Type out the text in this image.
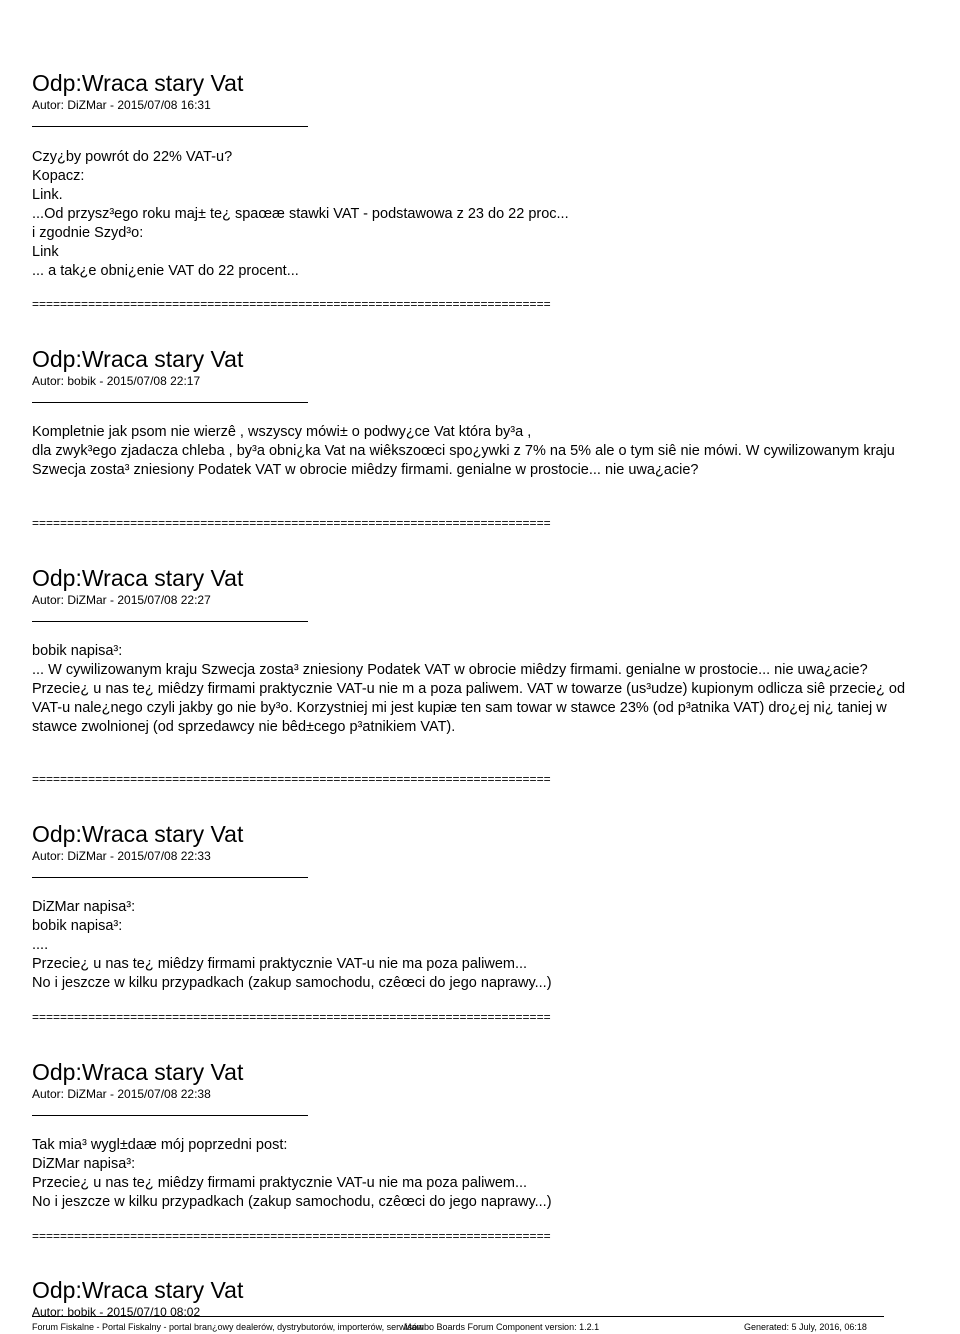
Odp:Wraca stary Vat
Autor: DiZMar - 2015/07/08 16:31
Czy¿by powrót do 22% VAT-u?
Kopacz:
Link.
...Od przysz³ego roku maj± te¿ spaœæ stawki VAT - podstawowa z 23 do 22 proc...
i zgodnie Szyd³o:
Link
... a tak¿e obni¿enie VAT do 22 procent...
==========================================================================
Odp:Wraca stary Vat
Autor: bobik - 2015/07/08 22:17
Kompletnie jak psom nie wierzê , wszyscy mówi± o podwy¿ce Vat która by³a ,
dla zwyk³ego zjadacza chleba , by³a obni¿ka Vat na wiêkszoœci spo¿ywki z 7% na 5% ale o tym siê nie mówi. W cywilizowanym kraju Szwecja zosta³ zniesiony Podatek VAT w obrocie miêdzy firmami. genialne w prostocie... nie uwa¿acie?
==========================================================================
Odp:Wraca stary Vat
Autor: DiZMar - 2015/07/08 22:27
bobik napisa³:
... W cywilizowanym kraju Szwecja zosta³ zniesiony Podatek VAT w obrocie miêdzy firmami. genialne w prostocie... nie uwa¿acie?
Przecie¿ u nas te¿ miêdzy firmami praktycznie VAT-u nie m a poza paliwem. VAT w towarze (us³udze) kupionym odlicza siê przecie¿ od VAT-u nale¿nego czyli jakby go nie by³o. Korzystniej mi jest kupiæ ten sam towar w stawce 23% (od p³atnika VAT) dro¿ej ni¿ taniej w stawce zwolnionej (od sprzedawcy nie bêd±cego p³atnikiem VAT).
==========================================================================
Odp:Wraca stary Vat
Autor: DiZMar - 2015/07/08 22:33
DiZMar napisa³:
bobik napisa³:
....
Przecie¿ u nas te¿ miêdzy firmami praktycznie VAT-u nie ma poza paliwem...
No i jeszcze w kilku przypadkach (zakup samochodu, czêœci do jego naprawy...)
==========================================================================
Odp:Wraca stary Vat
Autor: DiZMar - 2015/07/08 22:38
Tak mia³ wygl±daæ mój poprzedni post:
DiZMar napisa³:
Przecie¿ u nas te¿ miêdzy firmami praktycznie VAT-u nie ma poza paliwem...
No i jeszcze w kilku przypadkach (zakup samochodu, czêœci do jego naprawy...)
==========================================================================
Odp:Wraca stary Vat
Autor: bobik - 2015/07/10 08:02
Forum Fiskalne - Portal Fiskalny - portal bran¿owy dealerów, dystrybutorów, importerów, serwisów
Mambo Boards Forum Component version: 1.2.1	Generated: 5 July, 2016, 06:18
